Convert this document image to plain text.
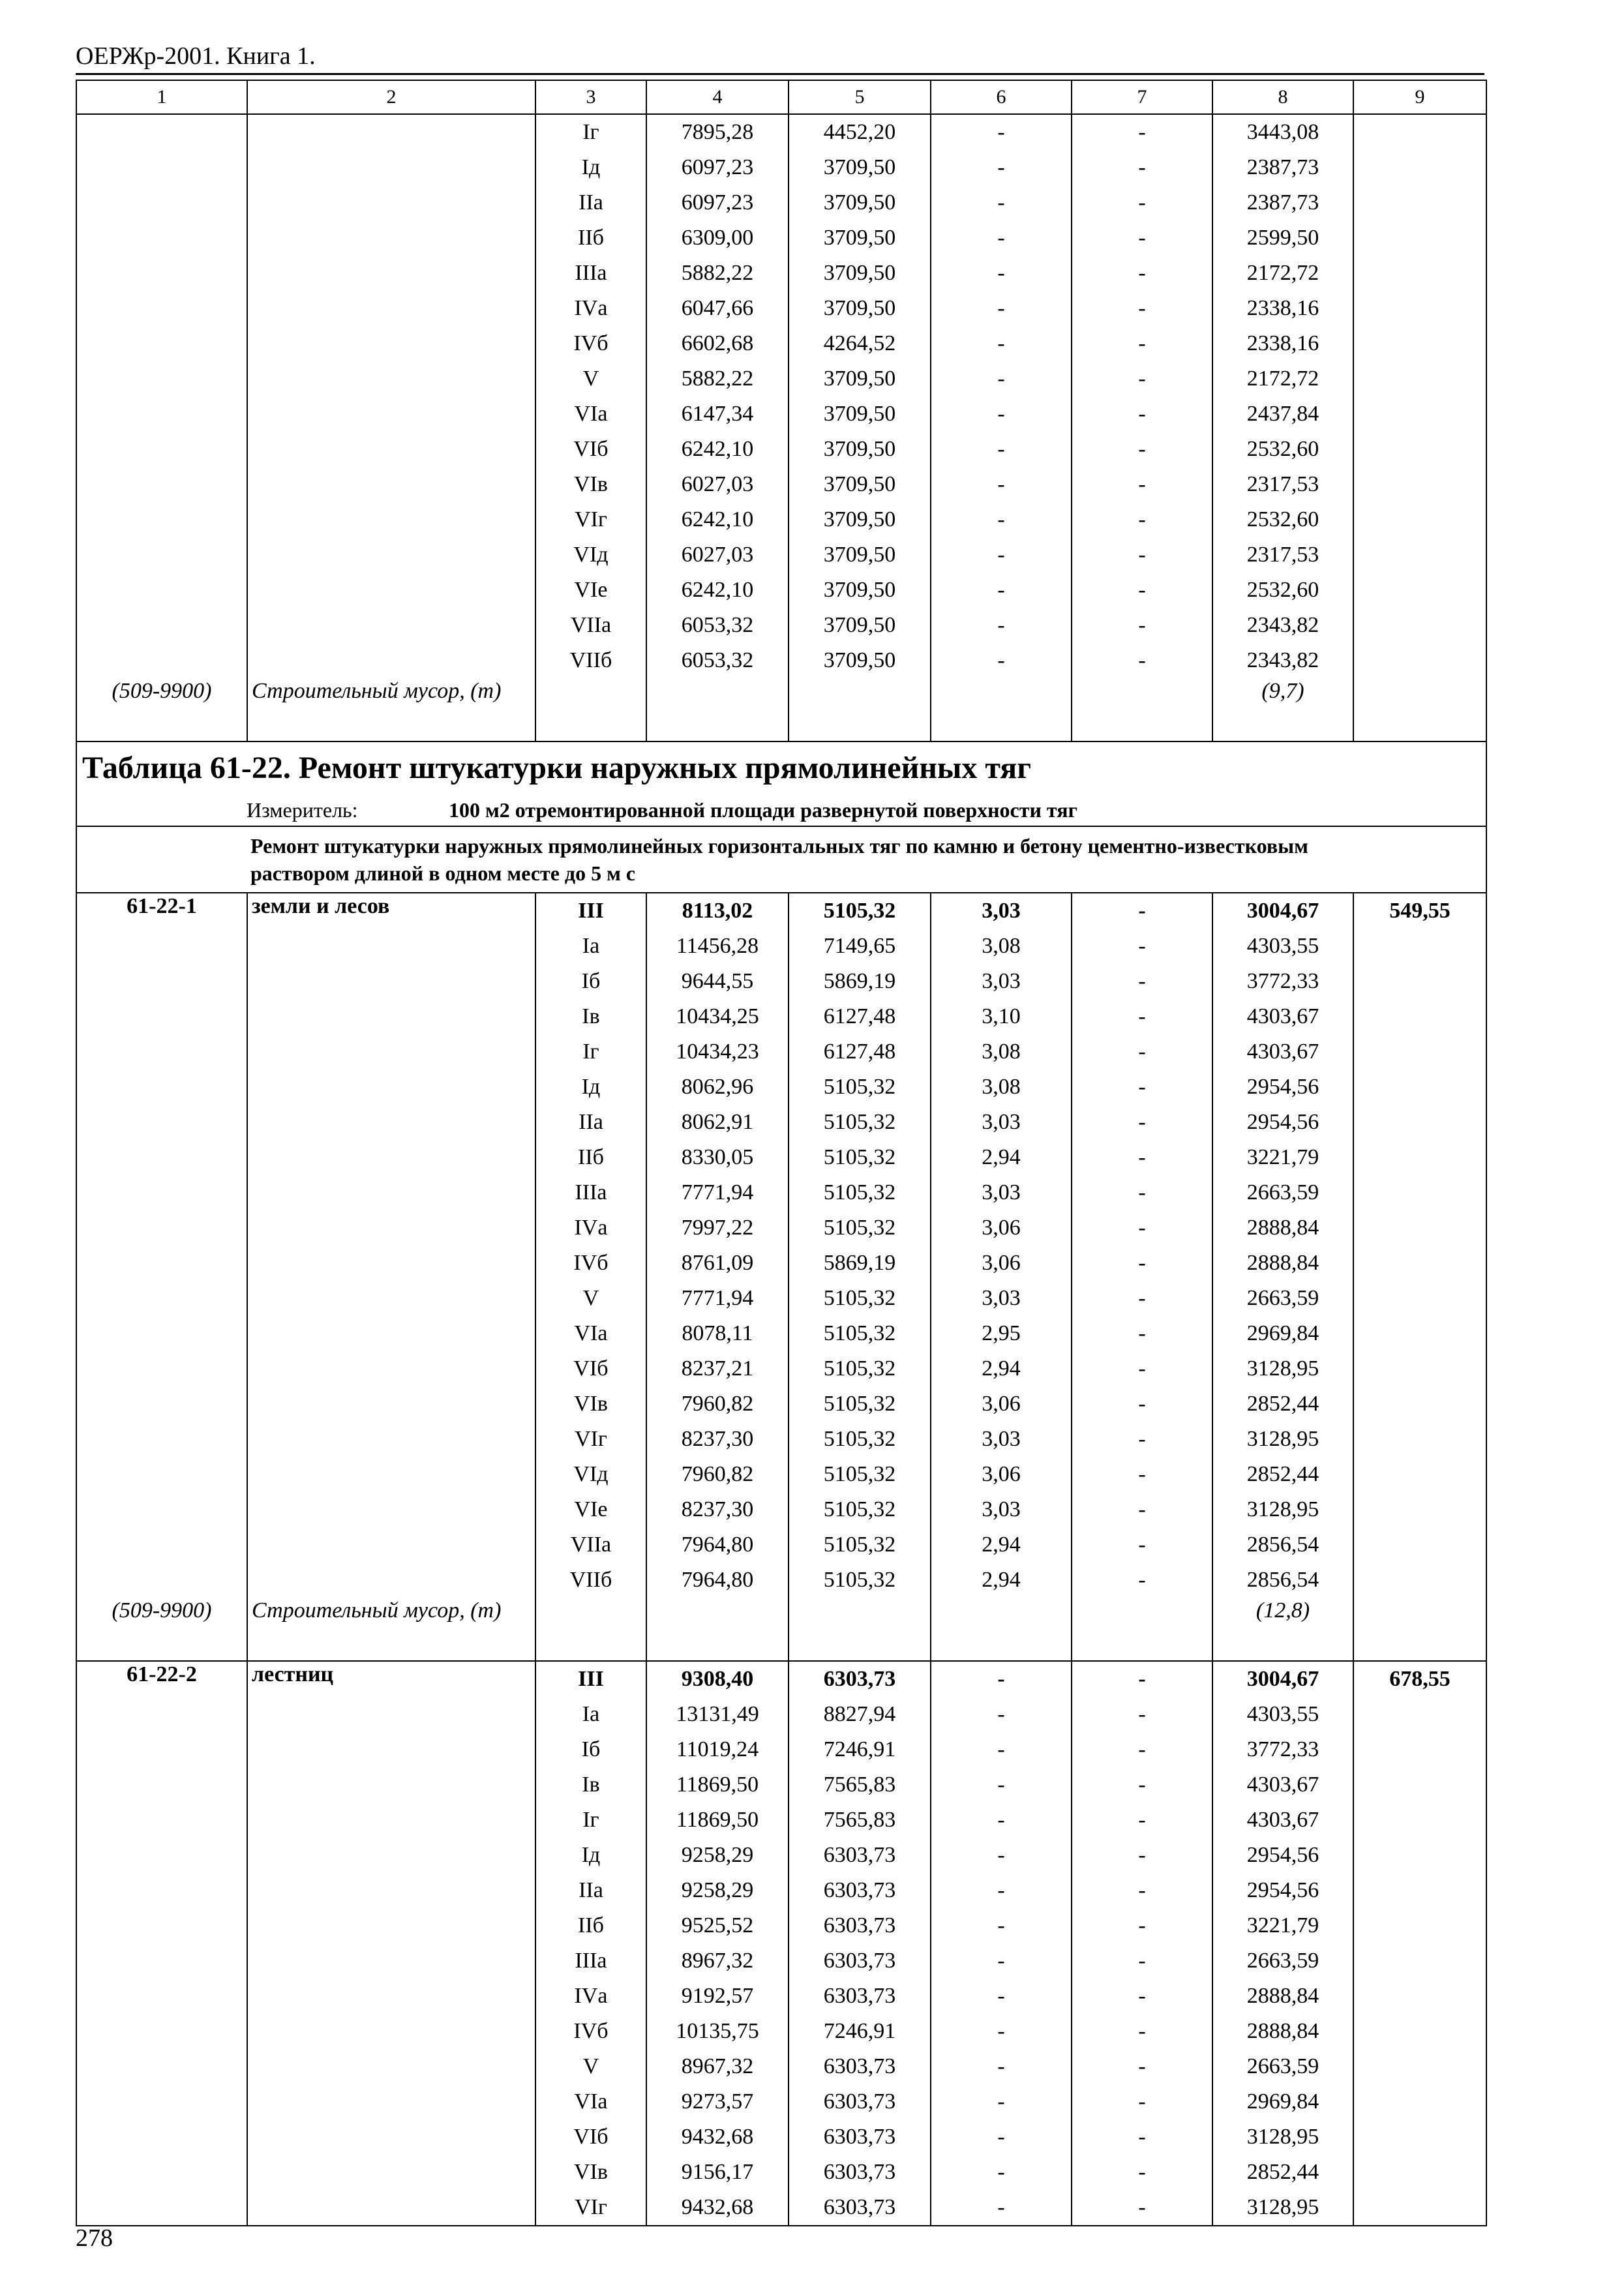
ОЕРЖр-2001. Книга 1.
1	2	3	4	5	6	7	8	9
		Iг	7895,28	4452,20	-	-	3443,08	
		Iд	6097,23	3709,50	-	-	2387,73	
		IIа	6097,23	3709,50	-	-	2387,73	
		IIб	6309,00	3709,50	-	-	2599,50	
		IIIа	5882,22	3709,50	-	-	2172,72	
		IVа	6047,66	3709,50	-	-	2338,16	
		IVб	6602,68	4264,52	-	-	2338,16	
		V	5882,22	3709,50	-	-	2172,72	
		VIа	6147,34	3709,50	-	-	2437,84	
		VIб	6242,10	3709,50	-	-	2532,60	
		VIв	6027,03	3709,50	-	-	2317,53	
		VIг	6242,10	3709,50	-	-	2532,60	
		VIд	6027,03	3709,50	-	-	2317,53	
		VIе	6242,10	3709,50	-	-	2532,60	
		VIIа	6053,32	3709,50	-	-	2343,82	
		VIIб	6053,32	3709,50	-	-	2343,82	
(509-9900)	Строительный мусор, (т)						(9,7)	
Таблица 61-22. Ремонт штукатурки наружных прямолинейных тяг								
Измеритель: 100 м2 отремонтированной площади развернутой поверхности тяг								
Ремонт штукатурки наружных прямолинейных горизонтальных тяг по камню и бетону цементно-известковым раствором длиной в одном месте до 5 м с								
61-22-1	земли и лесов	III	8113,02	5105,32	3,03	-	3004,67	549,55
		Iа	11456,28	7149,65	3,08	-	4303,55	
		Iб	9644,55	5869,19	3,03	-	3772,33	
		Iв	10434,25	6127,48	3,10	-	4303,67	
		Iг	10434,23	6127,48	3,08	-	4303,67	
		Iд	8062,96	5105,32	3,08	-	2954,56	
		IIа	8062,91	5105,32	3,03	-	2954,56	
		IIб	8330,05	5105,32	2,94	-	3221,79	
		IIIа	7771,94	5105,32	3,03	-	2663,59	
		IVа	7997,22	5105,32	3,06	-	2888,84	
		IVб	8761,09	5869,19	3,06	-	2888,84	
		V	7771,94	5105,32	3,03	-	2663,59	
		VIа	8078,11	5105,32	2,95	-	2969,84	
		VIб	8237,21	5105,32	2,94	-	3128,95	
		VIв	7960,82	5105,32	3,06	-	2852,44	
		VIг	8237,30	5105,32	3,03	-	3128,95	
		VIд	7960,82	5105,32	3,06	-	2852,44	
		VIе	8237,30	5105,32	3,03	-	3128,95	
		VIIа	7964,80	5105,32	2,94	-	2856,54	
		VIIб	7964,80	5105,32	2,94	-	2856,54	
(509-9900)	Строительный мусор, (т)						(12,8)	
61-22-2	лестниц	III	9308,40	6303,73	-	-	3004,67	678,55
		Iа	13131,49	8827,94	-	-	4303,55	
		Iб	11019,24	7246,91	-	-	3772,33	
		Iв	11869,50	7565,83	-	-	4303,67	
		Iг	11869,50	7565,83	-	-	4303,67	
		Iд	9258,29	6303,73	-	-	2954,56	
		IIа	9258,29	6303,73	-	-	2954,56	
		IIб	9525,52	6303,73	-	-	3221,79	
		IIIа	8967,32	6303,73	-	-	2663,59	
		IVа	9192,57	6303,73	-	-	2888,84	
		IVб	10135,75	7246,91	-	-	2888,84	
		V	8967,32	6303,73	-	-	2663,59	
		VIа	9273,57	6303,73	-	-	2969,84	
		VIб	9432,68	6303,73	-	-	3128,95	
		VIв	9156,17	6303,73	-	-	2852,44	
		VIг	9432,68	6303,73	-	-	3128,95	
278
